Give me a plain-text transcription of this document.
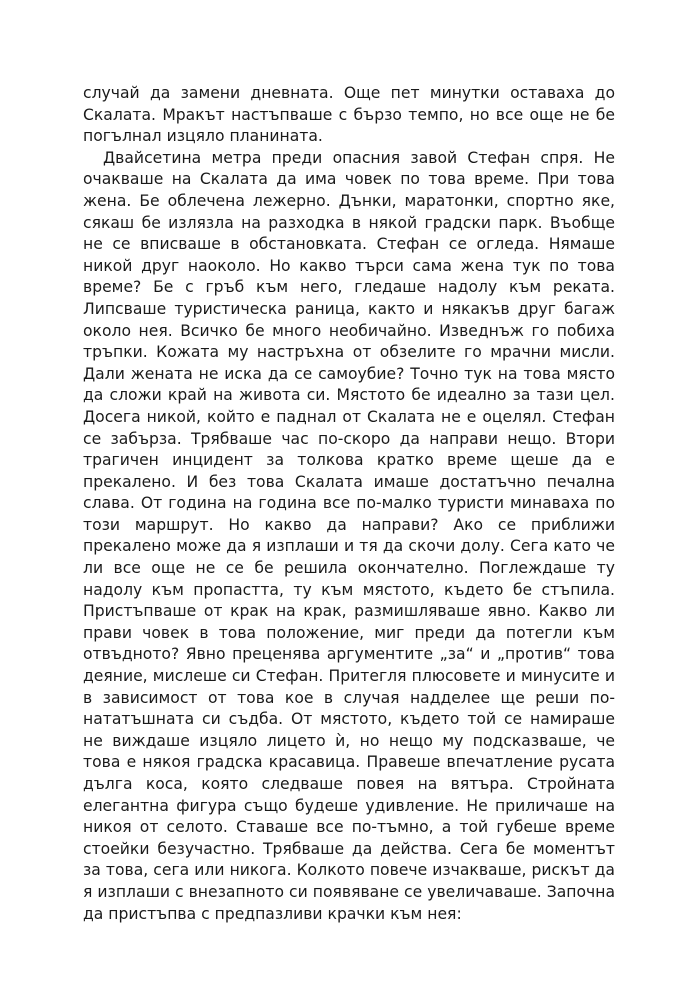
случай да замени дневната. Още пет минутки оставаха до Скалата. Мракът настъпваше с бързо темпо, но все още не бе погълнал изцяло планината.

Двайсетина метра преди опасния завой Стефан спря. Не очакваше на Скалата да има човек по това време. При това жена. Бе облечена лежерно. Дънки, маратонки, спортно яке, сякаш бе излязла на разходка в някой градски парк. Въобще не се вписваше в обстановката. Стефан се огледа. Нямаше никой друг наоколо. Но какво търси сама жена тук по това време? Бе с гръб към него, гледаше надолу към реката. Липсваше туристическа раница, както и някакъв друг багаж около нея. Всичко бе много необичайно. Изведнъж го побиха тръпки. Кожата му настръхна от обзелите го мрачни мисли. Дали жената не иска да се самоубие? Точно тук на това място да сложи край на живота си. Мястото бе идеално за тази цел. Досега никой, който е паднал от Скалата не е оцелял. Стефан се забърза. Трябваше час по-скоро да направи нещо. Втори трагичен инцидент за толкова кратко време щеше да е прекалено. И без това Скалата имаше достатъчно печална слава. От година на година все по-малко туристи минаваха по този маршрут. Но какво да направи? Ако се приближи прекалено може да я изплаши и тя да скочи долу. Сега като че ли все още не се бе решила окончателно. Поглеждаше ту надолу към пропастта, ту към мястото, където бе стъпила. Пристъпваше от крак на крак, размишляваше явно. Какво ли прави човек в това положение, миг преди да потегли към отвъдното? Явно преценява аргументите „за“ и „против“ това деяние, мислеше си Стефан. Притегля плюсовете и минусите и в зависимост от това кое в случая надделее ще реши по-нататъшната си съдба. От мястото, където той се намираше не виждаше изцяло лицето ѝ, но нещо му подсказваше, че това е някоя градска красавица. Правеше впечатление русата дълга коса, която следваше повея на вятъра. Стройната елегантна фигура също будеше удивление. Не приличаше на никоя от селото. Ставаше все по-тъмно, а той губеше време стоейки безучастно. Трябваше да действа. Сега бе моментът за това, сега или никога. Колкото повече изчакваше, рискът да я изплаши с внезапното си появяване се увеличаваше. Започна да пристъпва с предпазливи крачки към нея:
